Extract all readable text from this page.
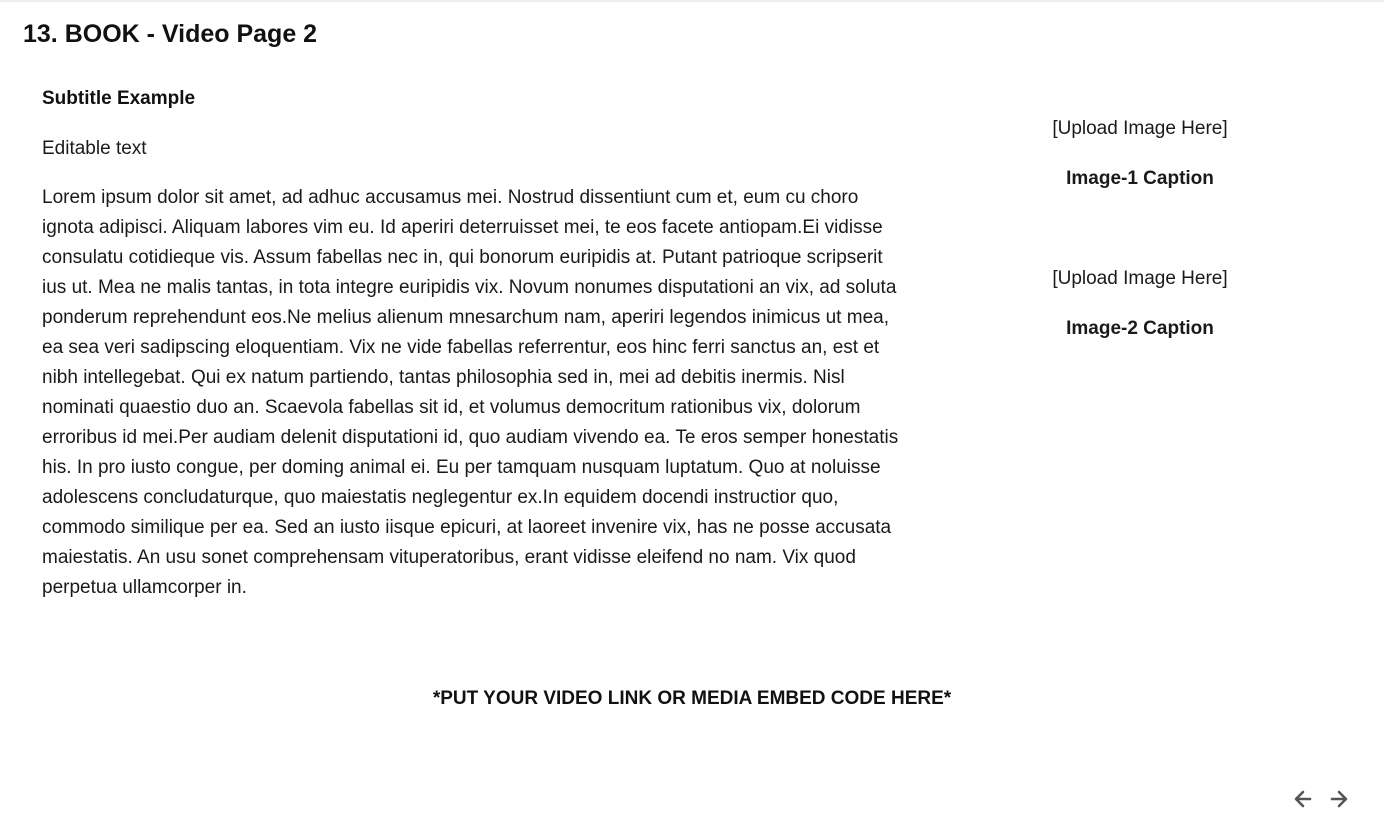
13. BOOK - Video Page 2

Subtitle Example

Editable text

Lorem ipsum dolor sit amet, ad adhuc accusamus mei. Nostrud dissentiunt cum et, eum cu choro ignota adipisci. Aliquam labores vim eu. Id aperiri deterruisset mei, te eos facete antiopam.Ei vidisse consulatu cotidieque vis. Assum fabellas nec in, qui bonorum euripidis at. Putant patrioque scripserit ius ut. Mea ne malis tantas, in tota integre euripidis vix. Novum nonumes disputationi an vix, ad soluta ponderum reprehendunt eos.Ne melius alienum mnesarchum nam, aperiri legendos inimicus ut mea, ea sea veri sadipscing eloquentiam. Vix ne vide fabellas referrentur, eos hinc ferri sanctus an, est et nibh intellegebat. Qui ex natum partiendo, tantas philosophia sed in, mei ad debitis inermis. Nisl nominati quaestio duo an. Scaevola fabellas sit id, et volumus democritum rationibus vix, dolorum erroribus id mei.Per audiam delenit disputationi id, quo audiam vivendo ea. Te eros semper honestatis his. In pro iusto congue, per doming animal ei. Eu per tamquam nusquam luptatum. Quo at noluisse adolescens concludaturque, quo maiestatis neglegentur ex.In equidem docendi instructior quo, commodo similique per ea. Sed an iusto iisque epicuri, at laoreet invenire vix, has ne posse accusata maiestatis. An usu sonet comprehensam vituperatoribus, erant vidisse eleifend no nam. Vix quod perpetua ullamcorper in.

[Upload Image Here]

Image-1 Caption

[Upload Image Here]

Image-2 Caption

*PUT YOUR VIDEO LINK OR MEDIA EMBED CODE HERE*
